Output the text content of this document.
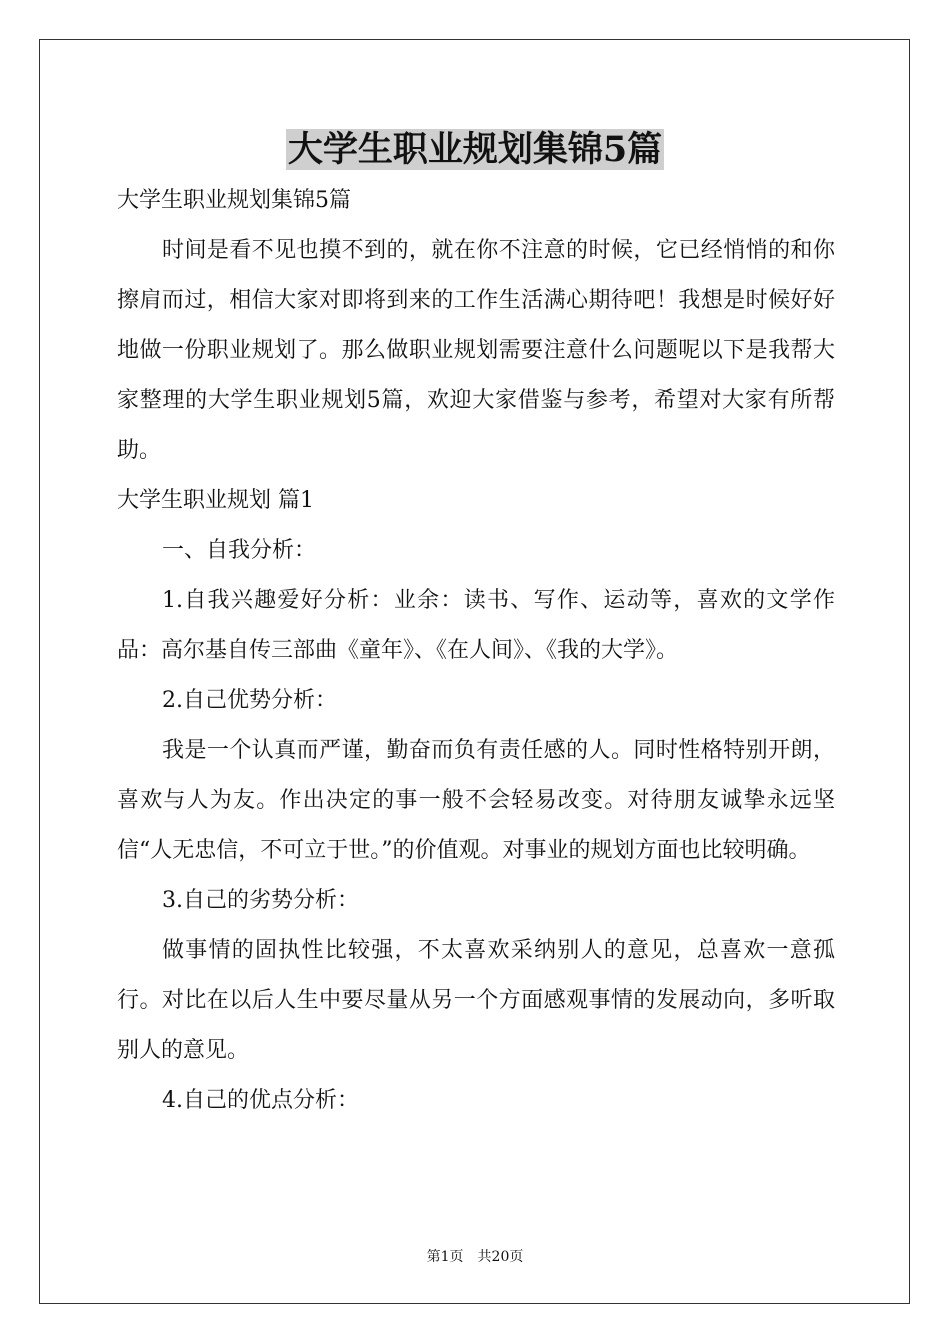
大学生职业规划集锦5篇

大学生职业规划集锦5篇

时间是看不见也摸不到的，就在你不注意的时候，它已经悄悄的和你擦肩而过，相信大家对即将到来的工作生活满心期待吧！我想是时候好好地做一份职业规划了。那么做职业规划需要注意什么问题呢以下是我帮大家整理的大学生职业规划5篇，欢迎大家借鉴与参考，希望对大家有所帮助。

大学生职业规划 篇1

一、自我分析：

1.自我兴趣爱好分析：业余：读书、写作、运动等，喜欢的文学作品：高尔基自传三部曲《童年》、《在人间》、《我的大学》。

2.自己优势分析：

我是一个认真而严谨，勤奋而负有责任感的人。同时性格特别开朗，喜欢与人为友。作出决定的事一般不会轻易改变。对待朋友诚挚永远坚信“人无忠信，不可立于世。”的价值观。对事业的规划方面也比较明确。

3.自己的劣势分析：

做事情的固执性比较强，不太喜欢采纳别人的意见，总喜欢一意孤行。对比在以后人生中要尽量从另一个方面感观事情的发展动向，多听取别人的意见。

4.自己的优点分析：

第1页　共20页
